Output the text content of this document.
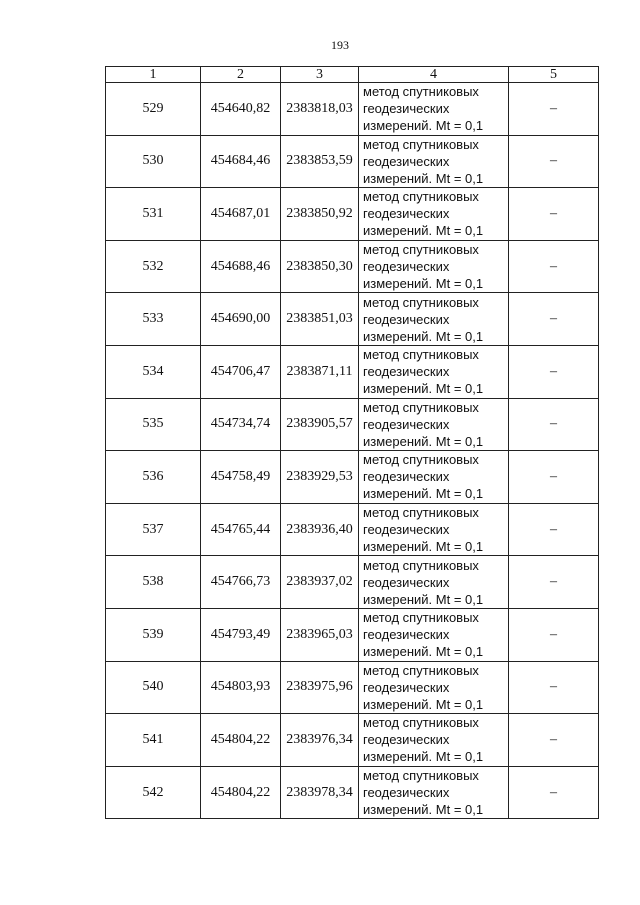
193
1	2	3	4	5
529	454640,82	2383818,03	метод спутниковых
геодезических
измерений. Mt = 0,1	–
530	454684,46	2383853,59	метод спутниковых
геодезических
измерений. Mt = 0,1	–
531	454687,01	2383850,92	метод спутниковых
геодезических
измерений. Mt = 0,1	–
532	454688,46	2383850,30	метод спутниковых
геодезических
измерений. Mt = 0,1	–
533	454690,00	2383851,03	метод спутниковых
геодезических
измерений. Mt = 0,1	–
534	454706,47	2383871,11	метод спутниковых
геодезических
измерений. Mt = 0,1	–
535	454734,74	2383905,57	метод спутниковых
геодезических
измерений. Mt = 0,1	–
536	454758,49	2383929,53	метод спутниковых
геодезических
измерений. Mt = 0,1	–
537	454765,44	2383936,40	метод спутниковых
геодезических
измерений. Mt = 0,1	–
538	454766,73	2383937,02	метод спутниковых
геодезических
измерений. Mt = 0,1	–
539	454793,49	2383965,03	метод спутниковых
геодезических
измерений. Mt = 0,1	–
540	454803,93	2383975,96	метод спутниковых
геодезических
измерений. Mt = 0,1	–
541	454804,22	2383976,34	метод спутниковых
геодезических
измерений. Mt = 0,1	–
542	454804,22	2383978,34	метод спутниковых
геодезических
измерений. Mt = 0,1	–
